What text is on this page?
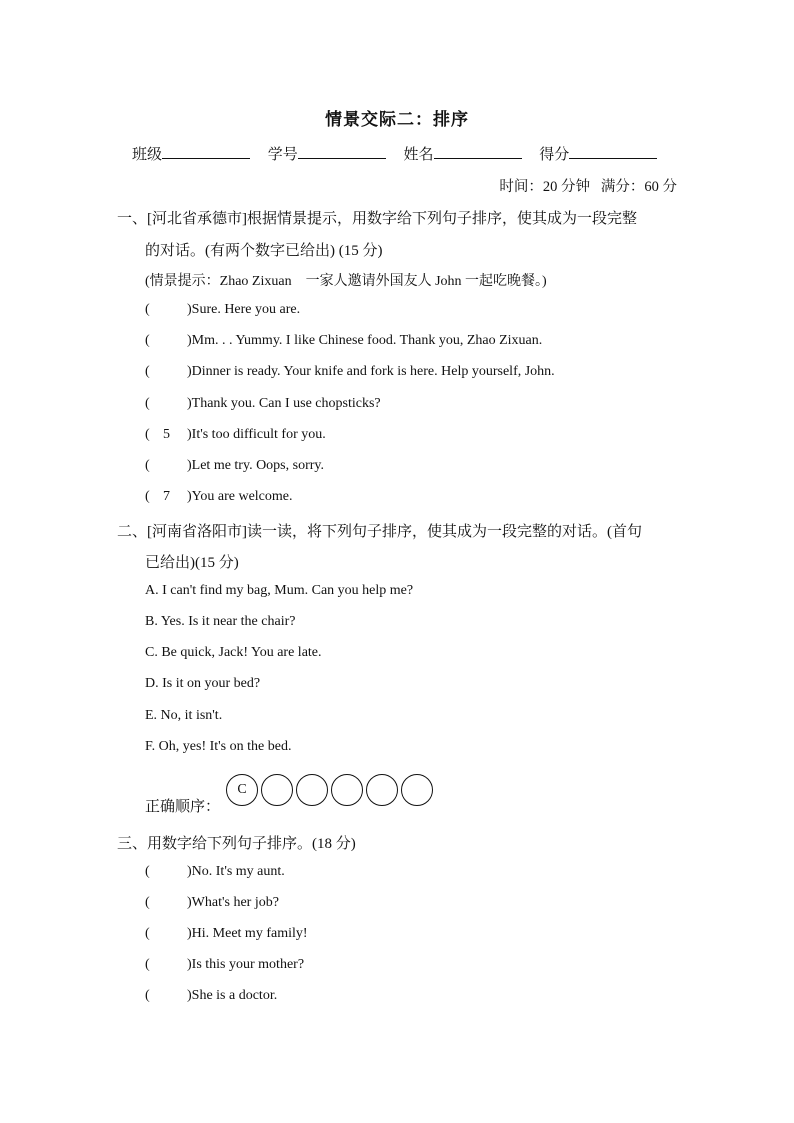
情景交际二：排序
班级	学号	姓名	得分
时间：20 分钟 满分：60 分
一、[河北省承德市]根据情景提示，用数字给下列句子排序，使其成为一段完整
的对话。(有两个数字已给出) (15 分)
(情景提示：Zhao Zixuan　一家人邀请外国友人 John 一起吃晚餐。)
(	)Sure. Here you are.
(	)Mm. . . Yummy. I like Chinese food. Thank you, Zhao Zixuan.
(	)Dinner is ready. Your knife and fork is here. Help yourself, John.
(	)Thank you. Can I use chopsticks?
( 5 )It's too difficult for you.
(	)Let me try. Oops, sorry.
( 7 )You are welcome.
二、[河南省洛阳市]读一读，将下列句子排序，使其成为一段完整的对话。(首句
已给出)(15 分)
A. I can't find my bag, Mum. Can you help me?
B. Yes. Is it near the chair?
C. Be quick, Jack! You are late.
D. Is it on your bed?
E. No, it isn't.
F. Oh, yes! It's on the bed.
正确顺序：
C
三、用数字给下列句子排序。(18 分)
(	)No. It's my aunt.
(	)What's her job?
(	)Hi. Meet my family!
(	)Is this your mother?
(	)She is a doctor.
